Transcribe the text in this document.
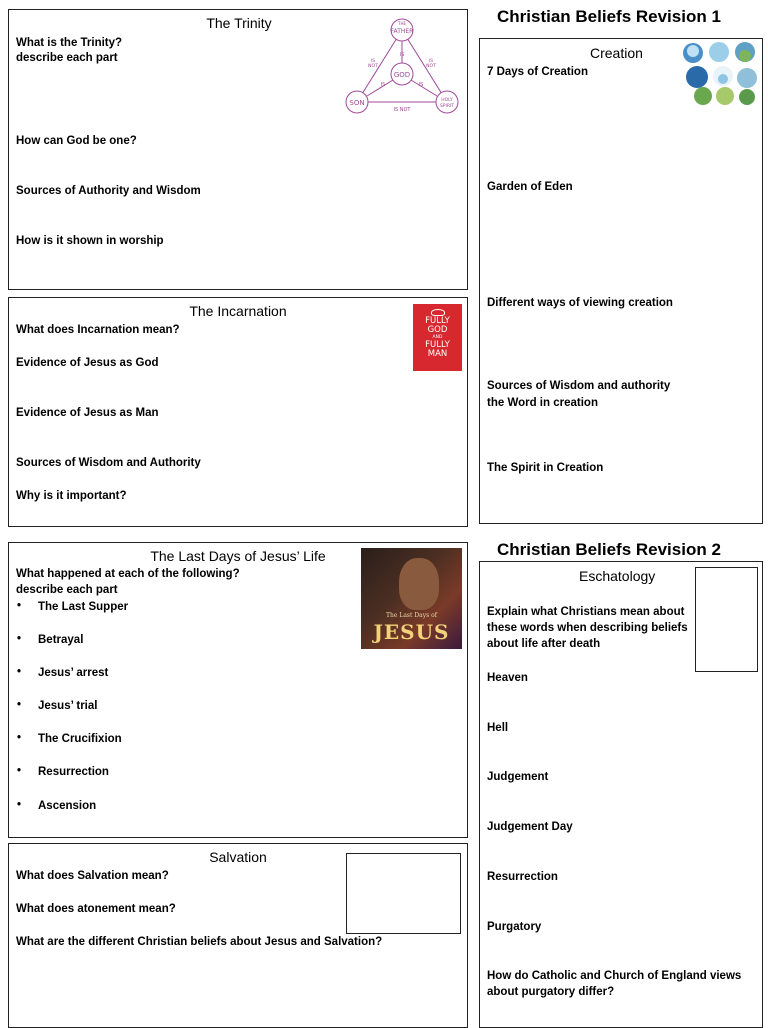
Christian Beliefs Revision 1
Christian Beliefs Revision 2
The Trinity
What is the Trinity?
describe each part
How can God be one?
Sources of Authority and Wisdom
How is it shown in worship
THE
FATHER
SON	HOLY
SPIRIT
GOD
IS
IS	IS
IS NOT
IS
NOT
IS
NOT
The Incarnation
What does Incarnation mean?
Evidence of Jesus as God
Evidence of Jesus as Man
Sources of Wisdom and Authority
Why is it important?
FULLY
GOD
AND
FULLY
MAN
Creation
7 Days of Creation
Garden of Eden
Different ways of viewing creation
Sources of Wisdom and authority
the Word in creation
The Spirit in Creation
The Last Days of Jesus’ Life
What happened at each of the following?
describe each part
• The Last Supper
• Betrayal
• Jesus’ arrest
• Jesus’ trial
• The Crucifixion
• Resurrection
• Ascension
The Last Days of
JESUS
Salvation
What does Salvation mean?
What does atonement mean?
What are the different Christian beliefs about Jesus and Salvation?
Eschatology
Explain what Christians mean about
these words when describing beliefs
about life after death
Heaven
Hell
Judgement
Judgement Day
Resurrection
Purgatory
How do Catholic and Church of England views
about purgatory differ?
